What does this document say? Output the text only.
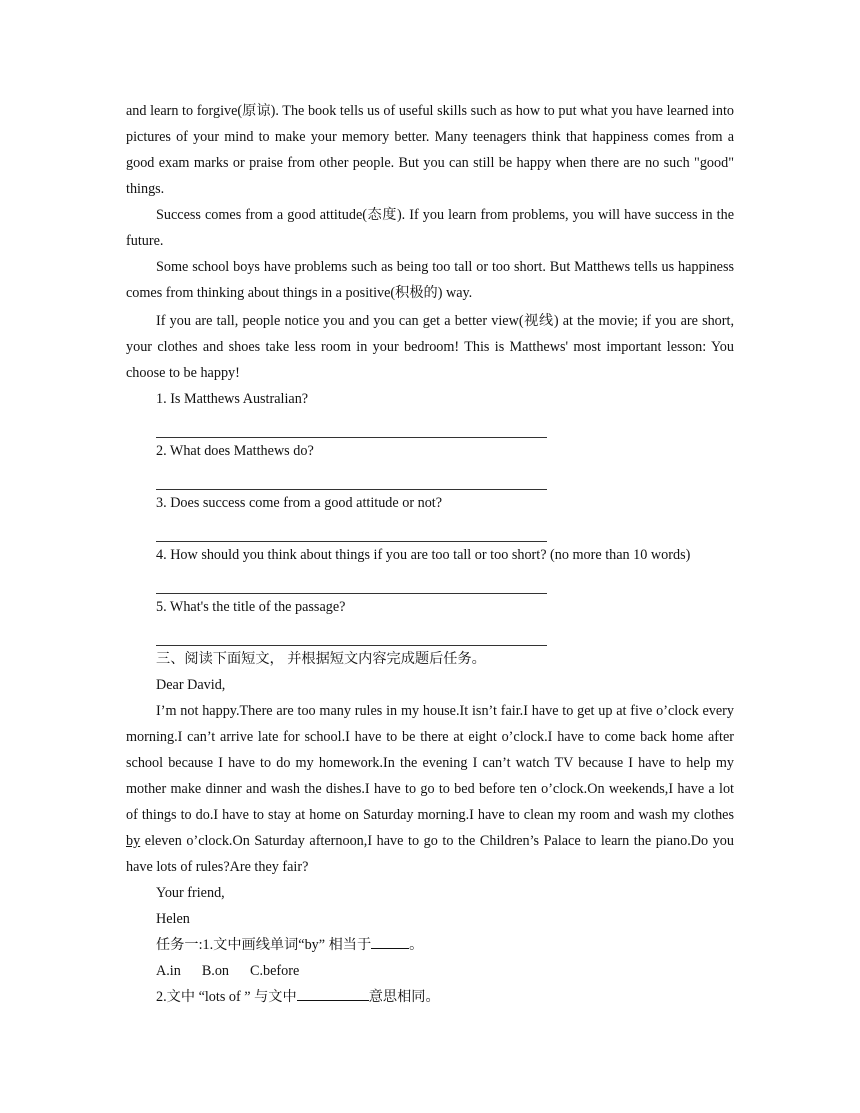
and learn to forgive(原谅). The book tells us of useful skills such as how to put what you have learned into pictures of your mind to make your memory better. Many teenagers think that happiness comes from a good exam marks or praise from other people. But you can still be happy when there are no such "good" things.

Success comes from a good attitude(态度). If you learn from problems, you will have success in the future.

Some school boys have problems such as being too tall or too short. But Matthews tells us happiness comes from thinking about things in a positive(积极的) way.

If you are tall, people notice you and you can get a better view(视线) at the movie; if you are short, your clothes and shoes take less room in your bedroom! This is Matthews' most important lesson: You choose to be happy!

1. Is Matthews Australian?

2. What does Matthews do?

3. Does success come from a good attitude or not?

4. How should you think about things if you are too tall or too short? (no more than 10 words)

5. What's the title of the passage?

三、阅读下面短文， 并根据短文内容完成题后任务。

Dear David,

I’m not happy.There are too many rules in my house.It isn’t fair.I have to get up at five o’clock every morning.I can’t arrive late for school.I have to be there at eight o’clock.I have to come back home after school because I have to do my homework.In the evening I can’t watch TV because I have to help my mother make dinner and wash the dishes.I have to go to bed before ten o’clock.On weekends,I have a lot of things to do.I have to stay at home on Saturday morning.I have to clean my room and wash my clothes by eleven o’clock.On Saturday afternoon,I have to go to the Children’s Palace to learn the piano.Do you have lots of rules?Are they fair?

Your friend,

Helen

任务一:1.文中画线单词“by” 相当于	。

A.in B.on C.before

2.文中 “lots of ” 与文中	意思相同。
